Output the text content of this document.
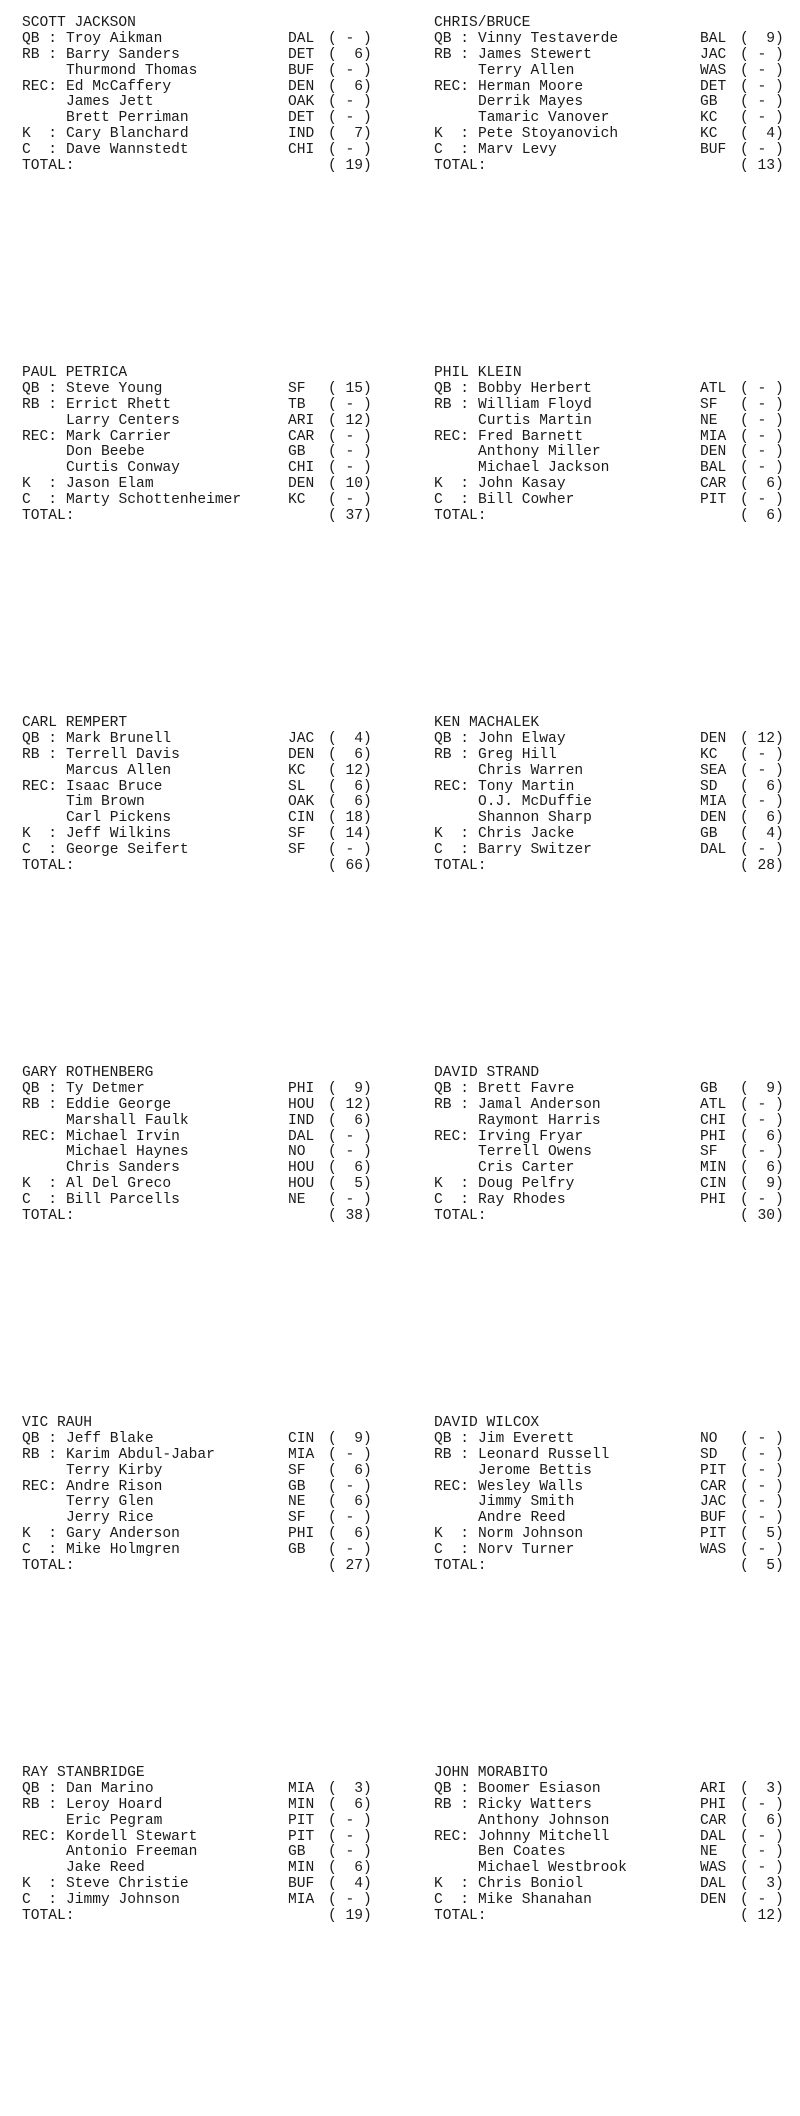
SCOTT JACKSON
QB : Troy Aikman	DAL ( - )
RB : Barry Sanders	DET (  6)
Thurmond Thomas	BUF ( - )
REC: Ed McCaffery	DEN (  6)
James Jett	OAK ( - )
Brett Perriman	DET ( - )
K  : Cary Blanchard	IND (  7)
C  : Dave Wannstedt	CHI ( - )
TOTAL:	( 19)
PAUL PETRICA
QB : Steve Young	SF ( 15)
RB : Errict Rhett	TB ( - )
Larry Centers	ARI ( 12)
REC: Mark Carrier	CAR ( - )
Don Beebe	GB ( - )
Curtis Conway	CHI ( - )
K  : Jason Elam	DEN ( 10)
C  : Marty Schottenheimer	KC ( - )
TOTAL:	( 37)
CARL REMPERT
QB : Mark Brunell	JAC (  4)
RB : Terrell Davis	DEN (  6)
Marcus Allen	KC ( 12)
REC: Isaac Bruce	SL (  6)
Tim Brown	OAK (  6)
Carl Pickens	CIN ( 18)
K  : Jeff Wilkins	SF ( 14)
C  : George Seifert	SF ( - )
TOTAL:	( 66)
GARY ROTHENBERG
QB : Ty Detmer	PHI (  9)
RB : Eddie George	HOU ( 12)
Marshall Faulk	IND (  6)
REC: Michael Irvin	DAL ( - )
Michael Haynes	NO ( - )
Chris Sanders	HOU (  6)
K  : Al Del Greco	HOU (  5)
C  : Bill Parcells	NE ( - )
TOTAL:	( 38)
VIC RAUH
QB : Jeff Blake	CIN (  9)
RB : Karim Abdul-Jabar	MIA ( - )
Terry Kirby	SF (  6)
REC: Andre Rison	GB ( - )
Terry Glen	NE (  6)
Jerry Rice	SF ( - )
K  : Gary Anderson	PHI (  6)
C  : Mike Holmgren	GB ( - )
TOTAL:	( 27)
RAY STANBRIDGE
QB : Dan Marino	MIA (  3)
RB : Leroy Hoard	MIN (  6)
Eric Pegram	PIT ( - )
REC: Kordell Stewart	PIT ( - )
Antonio Freeman	GB ( - )
Jake Reed	MIN (  6)
K  : Steve Christie	BUF (  4)
C  : Jimmy Johnson	MIA ( - )
TOTAL:	( 19)
CHRIS/BRUCE
QB : Vinny Testaverde	BAL (  9)
RB : James Stewert	JAC ( - )
Terry Allen	WAS ( - )
REC: Herman Moore	DET ( - )
Derrik Mayes	GB ( - )
Tamaric Vanover	KC ( - )
K  : Pete Stoyanovich	KC (  4)
C  : Marv Levy	BUF ( - )
TOTAL:	( 13)
PHIL KLEIN
QB : Bobby Herbert	ATL ( - )
RB : William Floyd	SF ( - )
Curtis Martin	NE ( - )
REC: Fred Barnett	MIA ( - )
Anthony Miller	DEN ( - )
Michael Jackson	BAL ( - )
K  : John Kasay	CAR (  6)
C  : Bill Cowher	PIT ( - )
TOTAL:	(  6)
KEN MACHALEK
QB : John Elway	DEN ( 12)
RB : Greg Hill	KC ( - )
Chris Warren	SEA ( - )
REC: Tony Martin	SD (  6)
O.J. McDuffie	MIA ( - )
Shannon Sharp	DEN (  6)
K  : Chris Jacke	GB (  4)
C  : Barry Switzer	DAL ( - )
TOTAL:	( 28)
DAVID STRAND
QB : Brett Favre	GB (  9)
RB : Jamal Anderson	ATL ( - )
Raymont Harris	CHI ( - )
REC: Irving Fryar	PHI (  6)
Terrell Owens	SF ( - )
Cris Carter	MIN (  6)
K  : Doug Pelfry	CIN (  9)
C  : Ray Rhodes	PHI ( - )
TOTAL:	( 30)
DAVID WILCOX
QB : Jim Everett	NO ( - )
RB : Leonard Russell	SD ( - )
Jerome Bettis	PIT ( - )
REC: Wesley Walls	CAR ( - )
Jimmy Smith	JAC ( - )
Andre Reed	BUF ( - )
K  : Norm Johnson	PIT (  5)
C  : Norv Turner	WAS ( - )
TOTAL:	(  5)
JOHN MORABITO
QB : Boomer Esiason	ARI (  3)
RB : Ricky Watters	PHI ( - )
Anthony Johnson	CAR (  6)
REC: Johnny Mitchell	DAL ( - )
Ben Coates	NE ( - )
Michael Westbrook	WAS ( - )
K  : Chris Boniol	DAL (  3)
C  : Mike Shanahan	DEN ( - )
TOTAL:	( 12)
